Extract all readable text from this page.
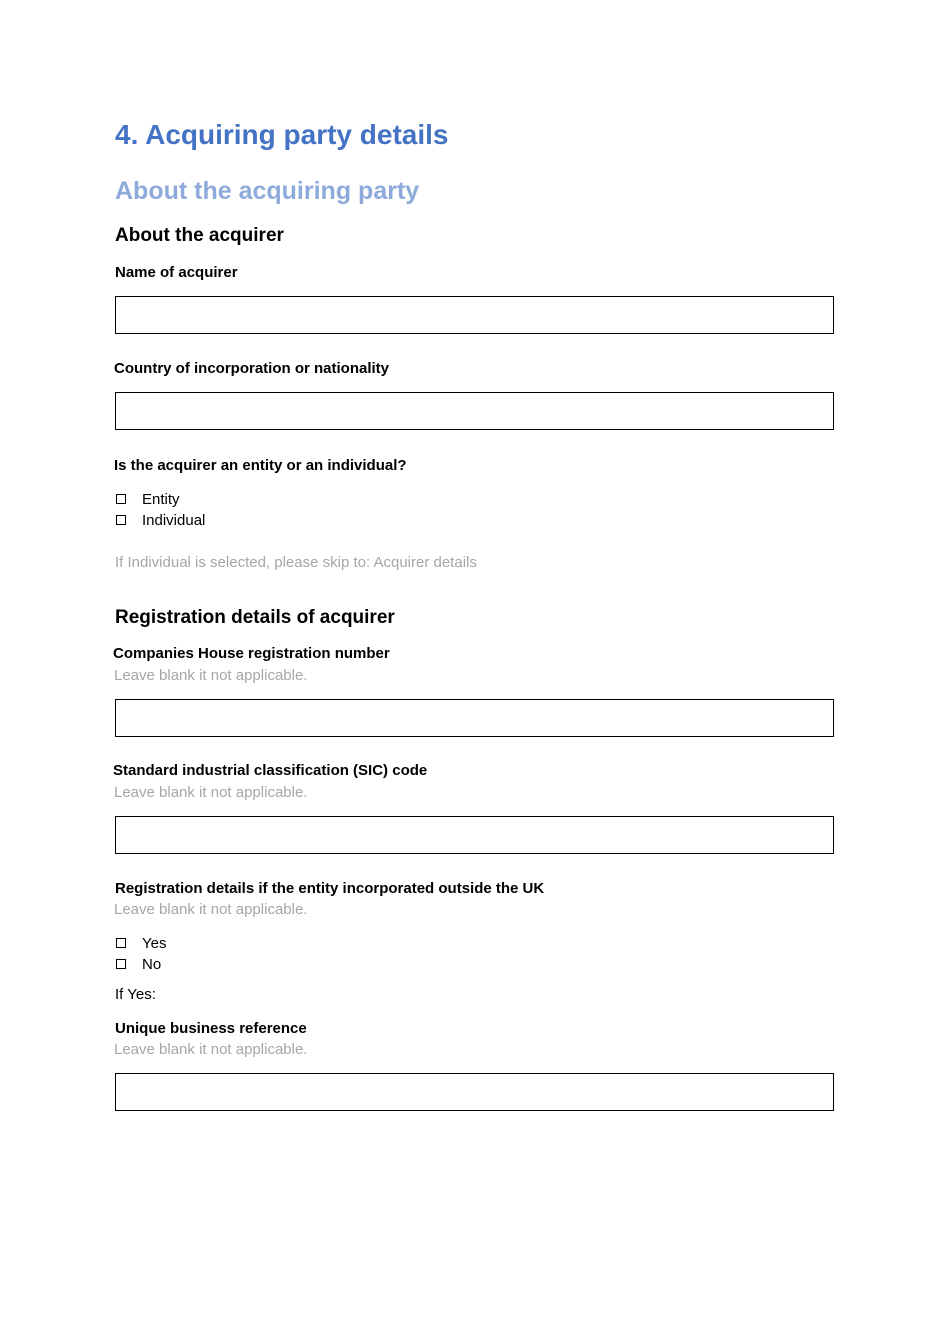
4. Acquiring party details
About the acquiring party
About the acquirer
Name of acquirer
Country of incorporation or nationality
Is the acquirer an entity or an individual?
Entity
Individual
If Individual is selected, please skip to: Acquirer details
Registration details of acquirer
Companies House registration number
Leave blank it not applicable.
Standard industrial classification (SIC) code
Leave blank it not applicable.
Registration details if the entity incorporated outside the UK
Leave blank it not applicable.
Yes
No
If Yes:
Unique business reference
Leave blank it not applicable.
